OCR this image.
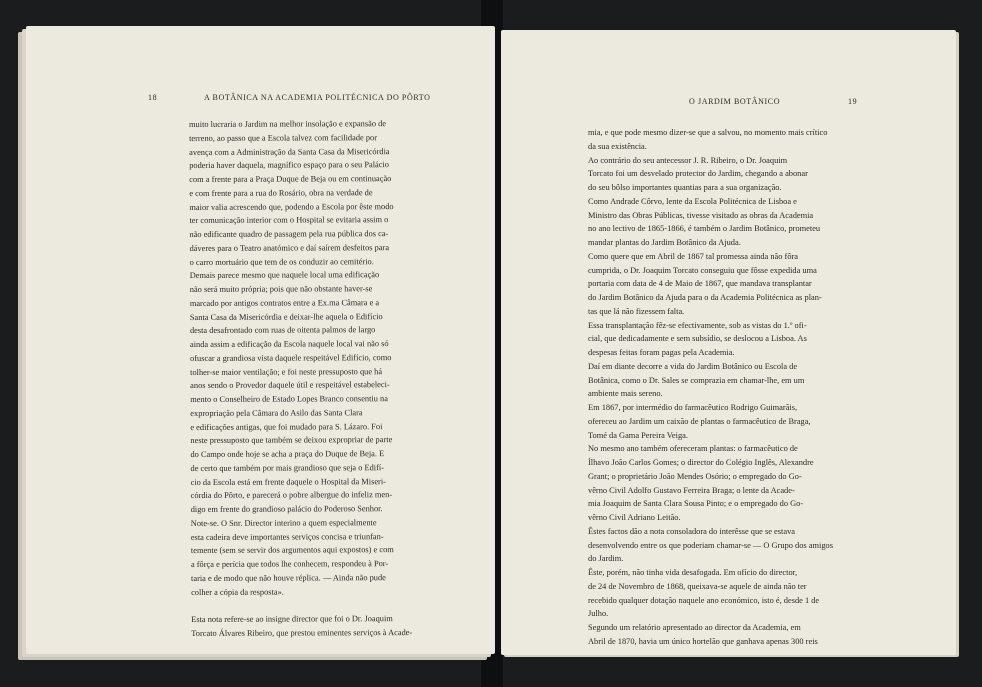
18	A BOTÂNICA NA ACADEMIA POLITÉCNICA DO PÔRTO
muito lucraria o Jardim na melhor insolação e expansão de
terreno, ao passo que a Escola talvez com facilidade por
avença com a Administração da Santa Casa da Misericórdia
poderia haver daquela, magnífico espaço para o seu Palácio
com a frente para a Praça Duque de Beja ou em continuação
e com frente para a rua do Rosário, obra na verdade de
maior valia acrescendo que, podendo a Escola por êste modo
ter comunicação interior com o Hospital se evitaria assim o
não edificante quadro de passagem pela rua pública dos ca-
dáveres para o Teatro anatómico e daí saírem desfeitos para
o carro mortuário que tem de os conduzir ao cemitério.
Demais parece mesmo que naquele local uma edificação
não será muito própria; pois que não obstante haver-se
marcado por antigos contratos entre a Ex.ma Câmara e a
Santa Casa da Misericórdia e deixar-lhe aquela o Edifício
desta desafrontado com ruas de oitenta palmos de largo
ainda assim a edificação da Escola naquele local vai não só
ofuscar a grandiosa vista daquele respeitável Edifício, como
tolher-se maior ventilação; e foi neste pressuposto que há
anos sendo o Provedor daquele útil e respeitável estabeleci-
mento o Conselheiro de Estado Lopes Branco consentiu na
expropriação pela Câmara do Asilo das Santa Clara
e edificações antigas, que foi mudado para S. Lázaro. Foi
neste pressuposto que também se deixou expropriar de parte
do Campo onde hoje se acha a praça do Duque de Beja. E
de certo que também por mais grandioso que seja o Edifí-
cio da Escola está em frente daquele o Hospital da Miseri-
córdia do Pôrto, e parecerá o pobre albergue do infeliz men-
digo em frente do grandioso palácio do Poderoso Senhor.
Note-se. O Snr. Director interino a quem especialmente
esta cadeira deve importantes serviços concisa e triunfan-
temente (sem se servir dos argumentos aqui expostos) e com
a fôrça e perícia que todos lhe conhecem, respondeu à Por-
taria e de modo que não houve réplica. — Ainda não pude
colher a cópia da resposta».
Esta nota refere-se ao insigne director que foi o Dr. Joaquim
Torcato Álvares Ribeiro, que prestou eminentes serviços à Acade-
O JARDIM BOTÂNICO	19
mia, e que pode mesmo dizer-se que a salvou, no momento mais crítico
da sua existência.
Ao contrário do seu antecessor J. R. Ribeiro, o Dr. Joaquim
Torcato foi um desvelado protector do Jardim, chegando a abonar
do seu bôlso importantes quantias para a sua organização.
Como Andrade Côrvo, lente da Escola Politécnica de Lisboa e
Ministro das Obras Públicas, tivesse visitado as obras da Academia
no ano lectivo de 1865-1866, é também o Jardim Botânico, prometeu
mandar plantas do Jardim Botânico da Ajuda.
Como quere que em Abril de 1867 tal promessa ainda não fôra
cumprida, o Dr. Joaquim Torcato conseguiu que fôsse expedida uma
portaria com data de 4 de Maio de 1867, que mandava transplantar
do Jardim Botânico da Ajuda para o da Academia Politécnica as plan-
tas que lá não fizessem falta.
Essa transplantação fêz-se efectivamente, sob as vistas do 1.º ofi-
cial, que dedicadamente e sem subsídio, se deslocou a Lisboa. As
despesas feitas foram pagas pela Academia.
Daí em diante decorre a vida do Jardim Botânico ou Escola de
Botânica, como o Dr. Sales se comprazia em chamar-lhe, em um
ambiente mais sereno.
Em 1867, por intermédio do farmacêutico Rodrigo Guimarãis,
ofereceu ao Jardim um caixão de plantas o farmacêutico de Braga,
Tomé da Gama Pereira Veiga.
No mesmo ano também ofereceram plantas: o farmacêutico de
Ílhavo João Carlos Gomes; o director do Colégio Inglês, Alexandre
Grant; o proprietário João Mendes Osório; o empregado do Go-
vêrno Civil Adolfo Gustavo Ferreira Braga; o lente da Acade-
mia Joaquim de Santa Clara Sousa Pinto; e o empregado do Go-
vêrno Civil Adriano Leitão.
Êstes factos dão a nota consoladora do interêsse que se estava
desenvolvendo entre os que poderiam chamar-se — O Grupo dos amigos
do Jardim.
Êste, porém, não tinha vida desafogada. Em ofício do director,
de 24 de Novembro de 1868, queixava-se aquele de ainda não ter
recebido qualquer dotação naquele ano económico, isto é, desde 1 de
Julho.
Segundo um relatório apresentado ao director da Academia, em
Abril de 1870, havia um único hortelão que ganhava apenas 300 reis
